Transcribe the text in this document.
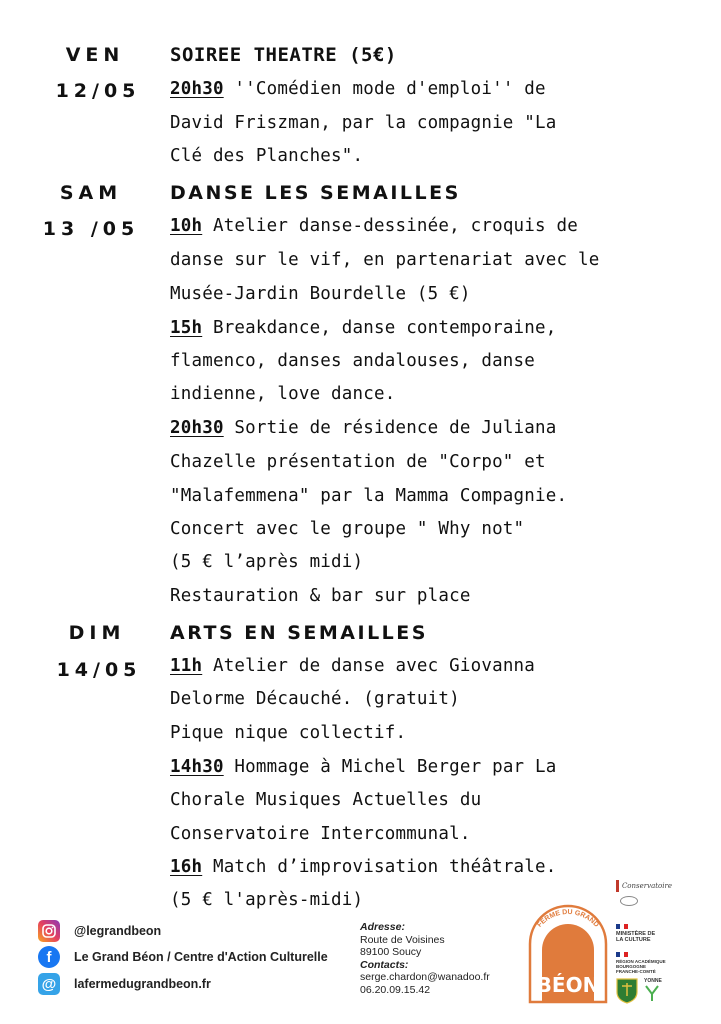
VEN
12/05
SOIREE THEATRE (5€)
20h30 ''Comédien mode d'emploi'' de
David Friszman, par la compagnie "La
Clé des Planches".
SAM
13 /05
DANSE LES SEMAILLES
10h Atelier danse-dessinée, croquis de
danse sur le vif, en partenariat avec le
Musée-Jardin Bourdelle (5 €)
15h Breakdance, danse contemporaine,
flamenco, danses andalouses, danse
indienne, love dance.
20h30 Sortie de résidence de Juliana
Chazelle présentation de "Corpo" et
"Malafemmena" par la Mamma Compagnie.
Concert avec le groupe " Why not"
(5 € l’après midi)
Restauration & bar sur place
DIM
14/05
ARTS EN SEMAILLES
11h Atelier de danse avec Giovanna
Delorme Décauché. (gratuit)
Pique nique collectif.
14h30 Hommage à Michel Berger par La
Chorale Musiques Actuelles du
Conservatoire Intercommunal.
16h Match d’improvisation théâtrale.
(5 € l'après-midi)
@legrandbeon
f	Le Grand Béon / Centre d'Action Culturelle
@ lafermedugrandbeon.fr
Adresse:
Route de Voisines
89100 Soucy
Contacts:
serge.chardon@wanadoo.fr
06.20.09.15.42
FERME DU GRAND
BÉON
Conservatoire
MINISTÈRE DE LA CULTURE
RÉGION ACADÉMIQUE BOURGOGNE FRANCHE-COMTÉ
YONNE
